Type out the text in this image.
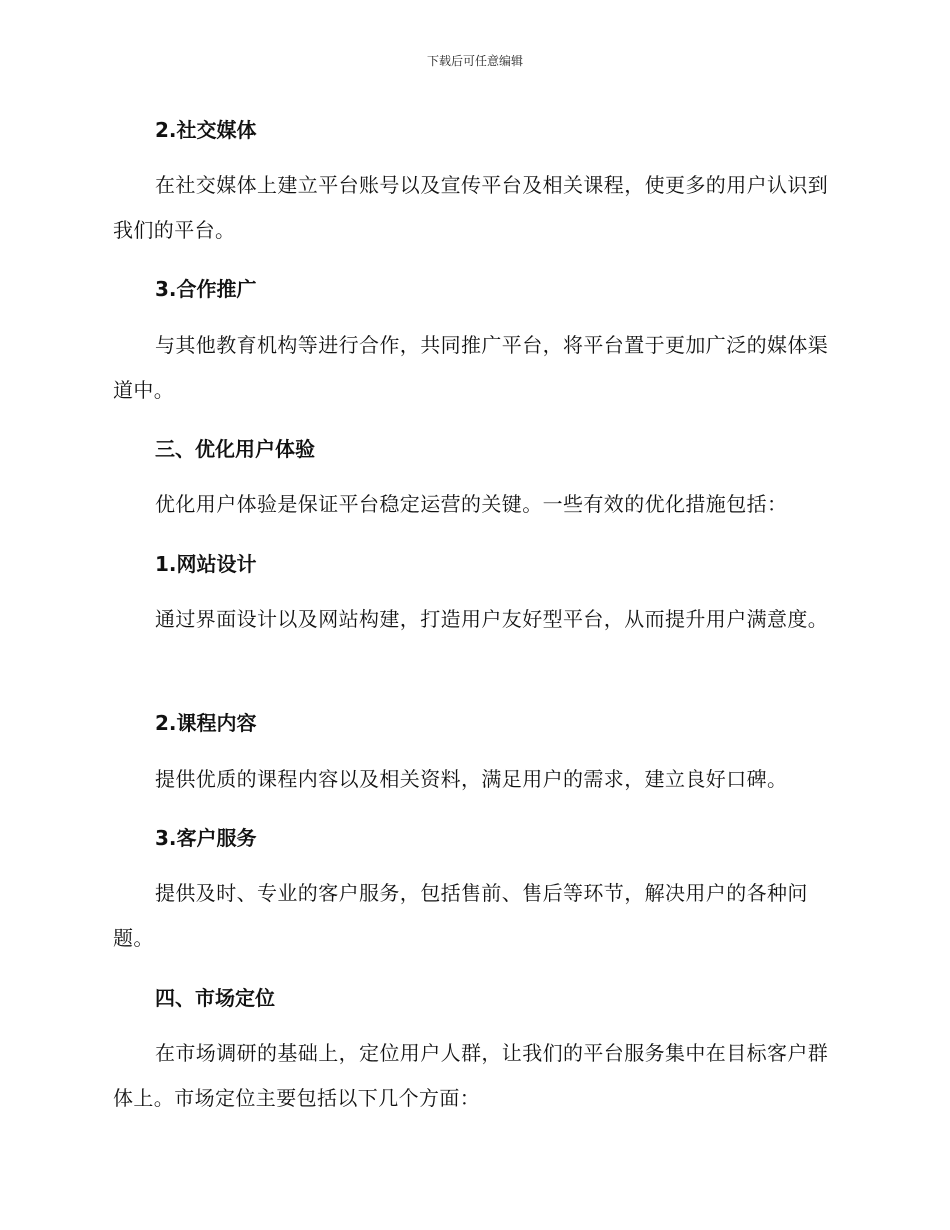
下载后可任意编辑
2.社交媒体

在社交媒体上建立平台账号以及宣传平台及相关课程，使更多的用户认识到我们的平台。

3.合作推广

与其他教育机构等进行合作，共同推广平台，将平台置于更加广泛的媒体渠道中。

三、优化用户体验

优化用户体验是保证平台稳定运营的关键。一些有效的优化措施包括：

1.网站设计

通过界面设计以及网站构建，打造用户友好型平台，从而提升用户满意度。

2.课程内容

提供优质的课程内容以及相关资料，满足用户的需求，建立良好口碑。

3.客户服务

提供及时、专业的客户服务，包括售前、售后等环节，解决用户的各种问题。

四、市场定位

在市场调研的基础上，定位用户人群，让我们的平台服务集中在目标客户群体上。市场定位主要包括以下几个方面：
